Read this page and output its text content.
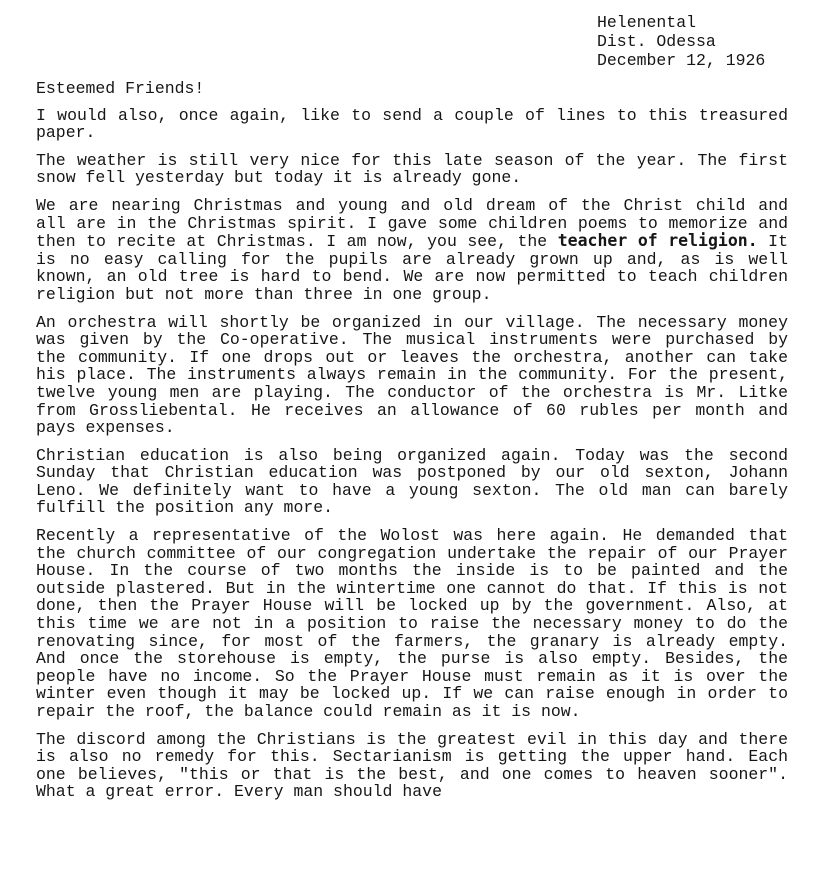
Helenental
Dist. Odessa
December 12, 1926
Esteemed Friends!

I would also, once again, like to send a couple of lines to this treasured paper.

The weather is still very nice for this late season of the year. The first snow fell yesterday but today it is already gone.

We are nearing Christmas and young and old dream of the Christ child and all are in the Christmas spirit. I gave some children poems to memorize and then to recite at Christmas. I am now, you see, the teacher of religion. It is no easy calling for the pupils are already grown up and, as is well known, an old tree is hard to bend. We are now permitted to teach children religion but not more than three in one group.

An orchestra will shortly be organized in our village. The necessary money was given by the Co-operative. The musical instruments were purchased by the community. If one drops out or leaves the orchestra, another can take his place. The instruments always remain in the community. For the present, twelve young men are playing. The conductor of the orchestra is Mr. Litke from Grossliebental. He receives an allowance of 60 rubles per month and pays expenses.

Christian education is also being organized again. Today was the second Sunday that Christian education was postponed by our old sexton, Johann Leno. We definitely want to have a young sexton. The old man can barely fulfill the position any more.

Recently a representative of the Wolost was here again. He demanded that the church committee of our congregation undertake the repair of our Prayer House. In the course of two months the inside is to be painted and the outside plastered. But in the wintertime one cannot do that. If this is not done, then the Prayer House will be locked up by the government. Also, at this time we are not in a position to raise the necessary money to do the renovating since, for most of the farmers, the granary is already empty. And once the storehouse is empty, the purse is also empty. Besides, the people have no income. So the Prayer House must remain as it is over the winter even though it may be locked up. If we can raise enough in order to repair the roof, the balance could remain as it is now.

The discord among the Christians is the greatest evil in this day and there is also no remedy for this. Sectarianism is getting the upper hand. Each one believes, "this or that is the best, and one comes to heaven sooner". What a great error. Every man should have
